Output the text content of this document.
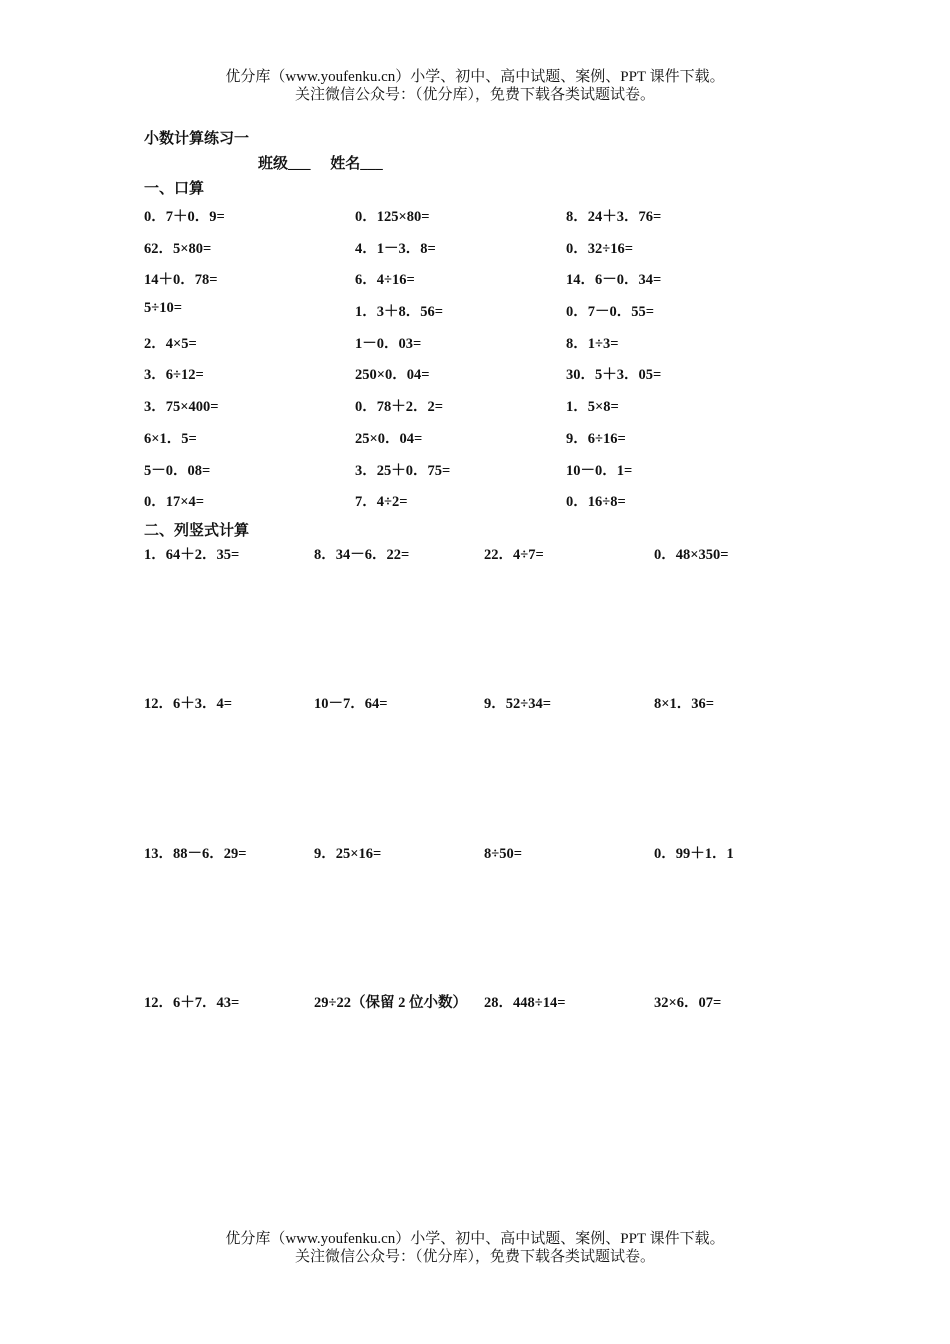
优分库（www.youfenku.cn）小学、初中、高中试题、案例、PPT 课件下载。
关注微信公众号：（优分库），免费下载各类试题试卷。
小数计算练习一
班级___ 姓名___
一、口算
0．7＋0．9=	0．125×80=	8．24＋3．76=
62．5×80=	4．1－3．8=	0．32÷16=
14＋0．78=	6．4÷16=	14．6－0．34=
5÷10=	1．3＋8．56=	0．7－0．55=
2．4×5=	1－0．03=	8．1÷3=
3．6÷12=	250×0．04=	30．5＋3．05=
3．75×400=	0．78＋2．2=	1．5×8=
6×1．5=	25×0．04=	9．6÷16=
5－0．08=	3．25＋0．75=	10－0．1=
0．17×4=	7．4÷2=	0．16÷8=
二、列竖式计算
1．64＋2．35=	8．34－6．22=	22．4÷7=	0．48×350=
12．6＋3．4=	10－7．64=	9．52÷34=	8×1．36=
13．88－6．29=	9．25×16=	8÷50=	0．99＋1．1
12．6＋7．43=	29÷22（保留 2 位小数）	28．448÷14=	32×6．07=
优分库（www.youfenku.cn）小学、初中、高中试题、案例、PPT 课件下载。
关注微信公众号：（优分库），免费下载各类试题试卷。
